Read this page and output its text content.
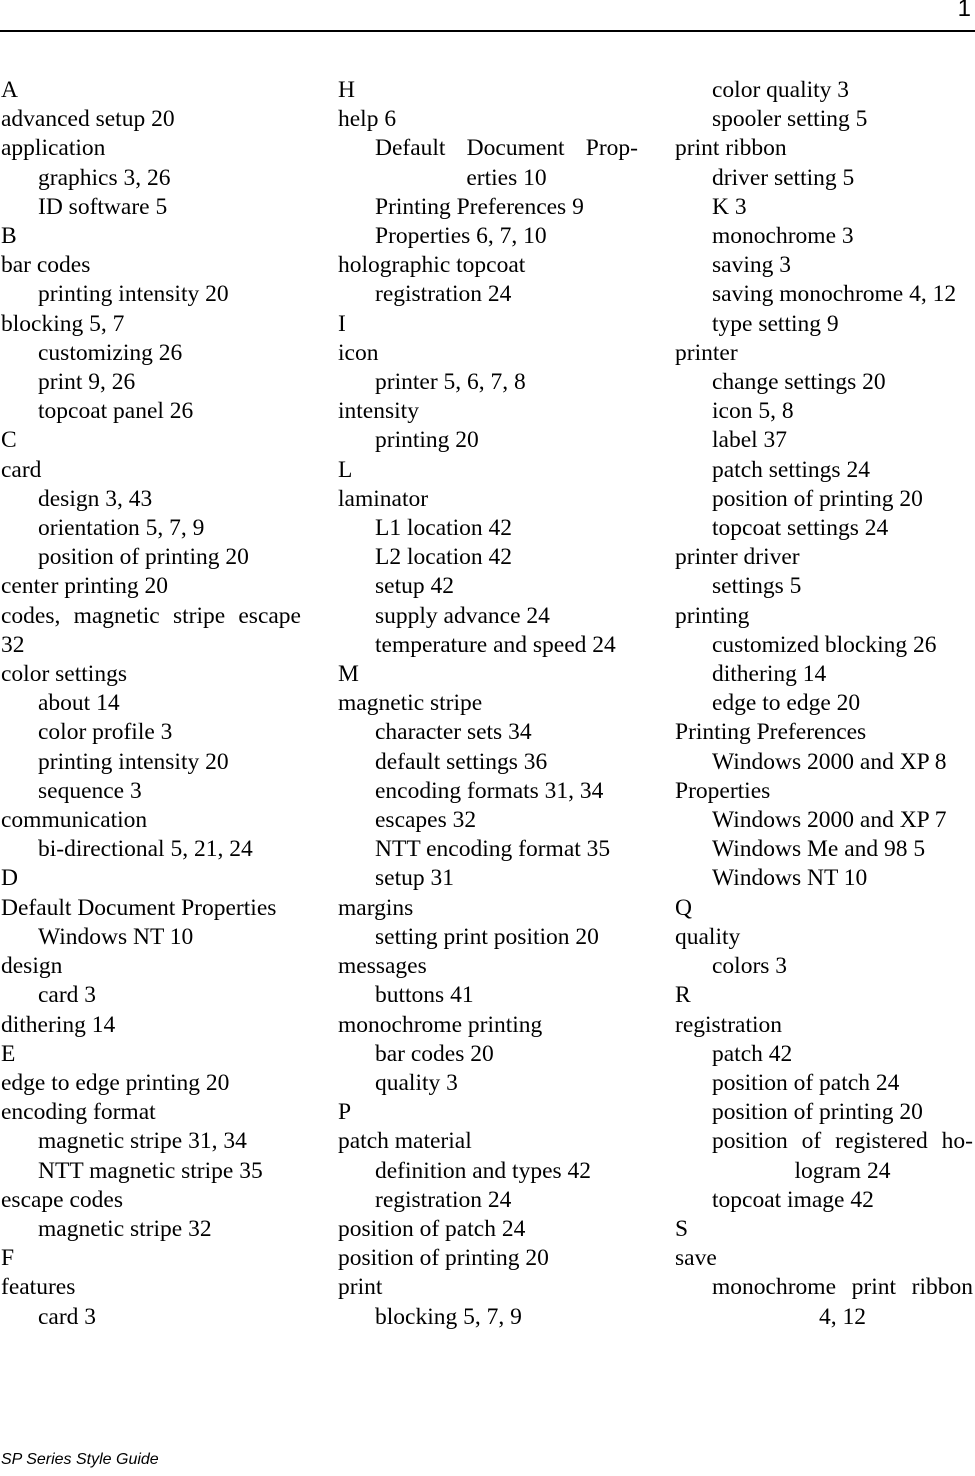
1
A
advanced setup 20
application
graphics 3, 26
ID software 5
B
bar codes
printing intensity 20
blocking 5, 7
customizing 26
print 9, 26
topcoat panel 26
C
card
design 3, 43
orientation 5, 7, 9
position of printing 20
center printing 20
codes, magnetic stripe escape 32
color settings
about 14
color profile 3
printing intensity 20
sequence 3
communication
bi-directional 5, 21, 24
D
Default Document Properties
Windows NT 10
design
card 3
dithering 14
E
edge to edge printing 20
encoding format
magnetic stripe 31, 34
NTT magnetic stripe 35
escape codes
magnetic stripe 32
F
features
card 3
H
help 6
Default Document Prop-erties 10
Printing Preferences 9
Properties 6, 7, 10
holographic topcoat
registration 24
I
icon
printer 5, 6, 7, 8
intensity
printing 20
L
laminator
L1 location 42
L2 location 42
setup 42
supply advance 24
temperature and speed 24
M
magnetic stripe
character sets 34
default settings 36
encoding formats 31, 34
escapes 32
NTT encoding format 35
setup 31
margins
setting print position 20
messages
buttons 41
monochrome printing
bar codes 20
quality 3
P
patch material
definition and types 42
registration 24
position of patch 24
position of printing 20
print
blocking 5, 7, 9
color quality 3
spooler setting 5
print ribbon
driver setting 5
K 3
monochrome 3
saving 3
saving monochrome 4, 12
type setting 9
printer
change settings 20
icon 5, 8
label 37
patch settings 24
position of printing 20
topcoat settings 24
printer driver
settings 5
printing
customized blocking 26
dithering 14
edge to edge 20
Printing Preferences
Windows 2000 and XP 8
Properties
Windows 2000 and XP 7
Windows Me and 98 5
Windows NT 10
Q
quality
colors 3
R
registration
patch 42
position of patch 24
position of printing 20
position of registered ho-logram 24
topcoat image 42
S
save
monochrome print ribbon 4, 12
SP Series Style Guide
